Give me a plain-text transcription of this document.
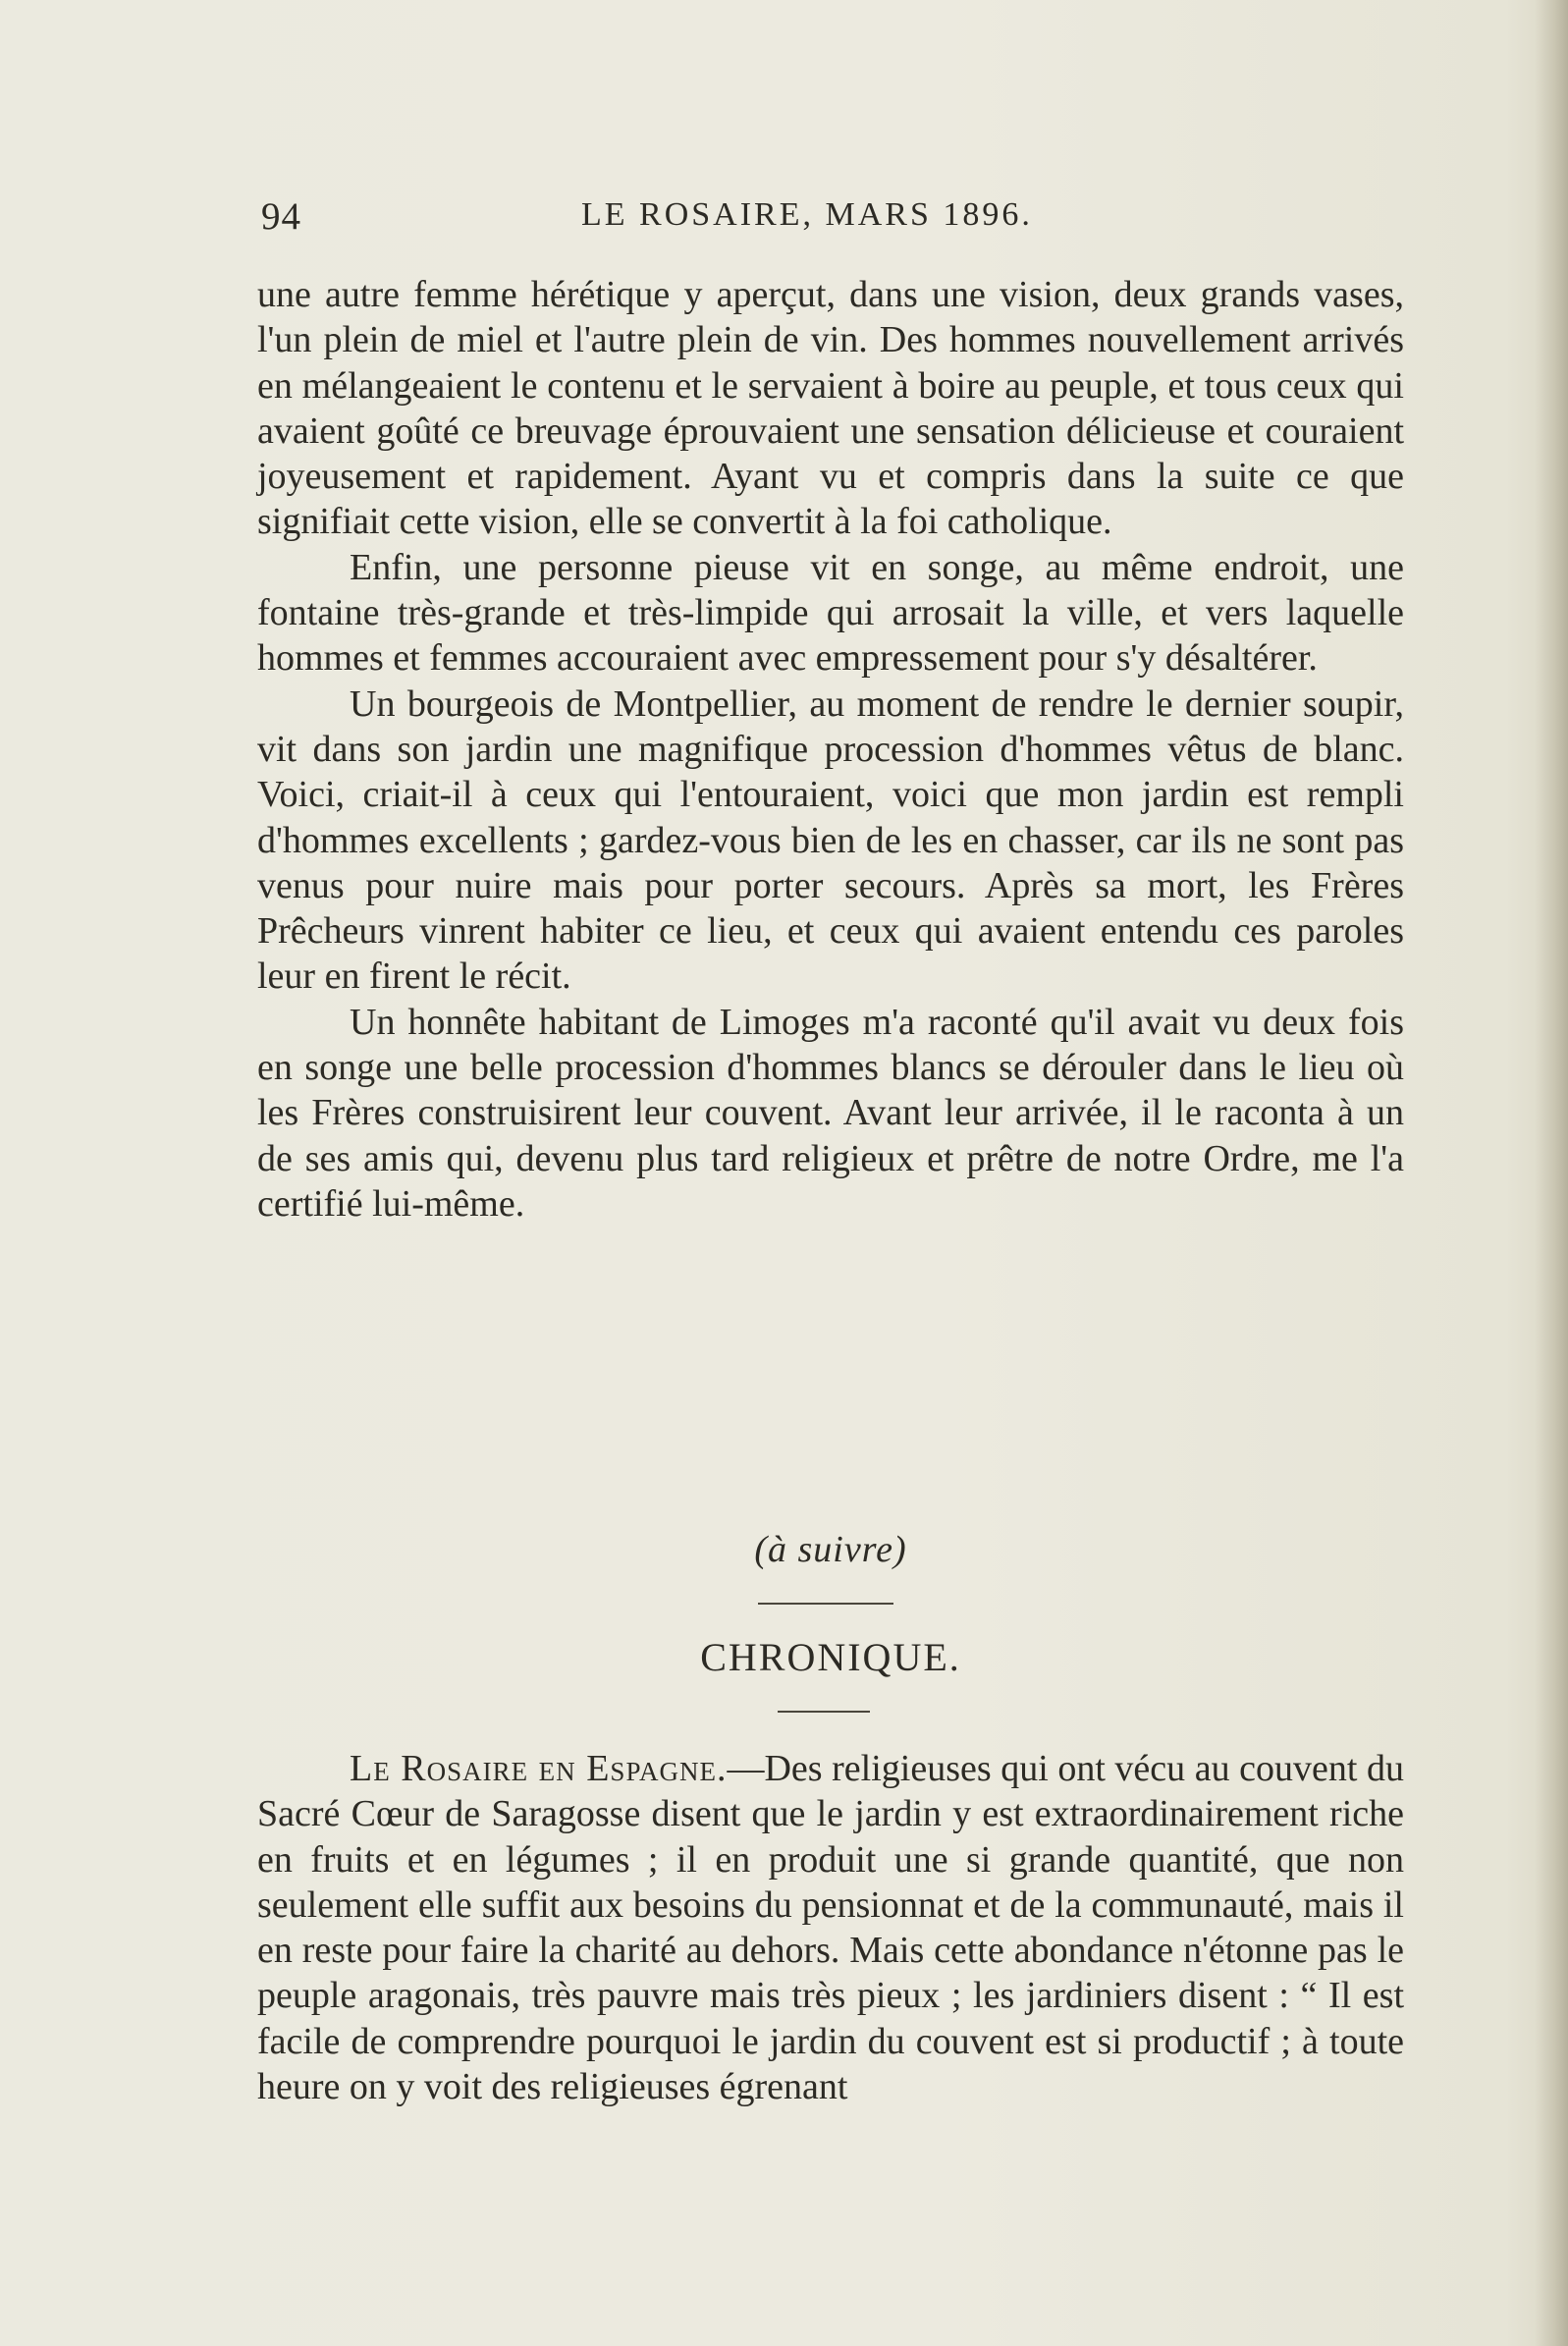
94	LE ROSAIRE, MARS 1896.

une autre femme hérétique y aperçut, dans une vision, deux grands vases, l'un plein de miel et l'autre plein de vin. Des hommes nouvellement arrivés en mélangeaient le contenu et le servaient à boire au peuple, et tous ceux qui avaient goûté ce breuvage éprouvaient une sensation délicieuse et couraient joyeusement et rapidement. Ayant vu et compris dans la suite ce que signifiait cette vision, elle se convertit à la foi catholique.

Enfin, une personne pieuse vit en songe, au même endroit, une fontaine très-grande et très-limpide qui arrosait la ville, et vers laquelle hommes et femmes accouraient avec empressement pour s'y désaltérer.

Un bourgeois de Montpellier, au moment de rendre le dernier soupir, vit dans son jardin une magnifique procession d'hommes vêtus de blanc. Voici, criait-il à ceux qui l'entouraient, voici que mon jardin est rempli d'hommes excellents ; gardez-vous bien de les en chasser, car ils ne sont pas venus pour nuire mais pour porter secours. Après sa mort, les Frères Prêcheurs vinrent habiter ce lieu, et ceux qui avaient entendu ces paroles leur en firent le récit.

Un honnête habitant de Limoges m'a raconté qu'il avait vu deux fois en songe une belle procession d'hommes blancs se dérouler dans le lieu où les Frères construisirent leur couvent. Avant leur arrivée, il le raconta à un de ses amis qui, devenu plus tard religieux et prêtre de notre Ordre, me l'a certifié lui-même.

(à suivre)
CHRONIQUE.

Le Rosaire en Espagne.—Des religieuses qui ont vécu au couvent du Sacré Cœur de Saragosse disent que le jardin y est extraordinairement riche en fruits et en légumes ; il en produit une si grande quantité, que non seulement elle suffit aux besoins du pensionnat et de la communauté, mais il en reste pour faire la charité au dehors. Mais cette abondance n'étonne pas le peuple aragonais, très pauvre mais très pieux ; les jardiniers disent : “ Il est facile de comprendre pourquoi le jardin du couvent est si productif ; à toute heure on y voit des religieuses égrenant
